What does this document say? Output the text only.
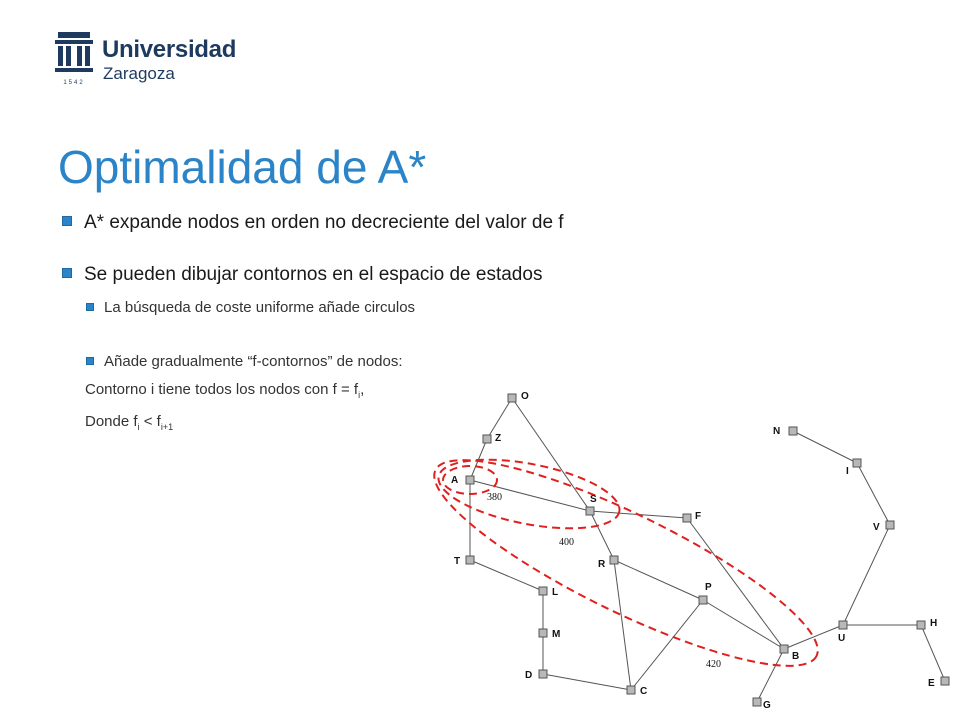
1542
Universidad
Zaragoza
Optimalidad de A*
A* expande nodos en orden no decreciente del valor de f
Se pueden dibujar contornos en el espacio de estados
La búsqueda de coste uniforme añade circulos
Añade gradualmente “f-contornos” de nodos:
Contorno i tiene todos los nodos con $f = f_i$,
Donde $f_i < f_{i+1}$
380
400
420
O
Z
A
S
F
R
T
L
M
D
C
P
B
G
U
H
E
V
I
N
